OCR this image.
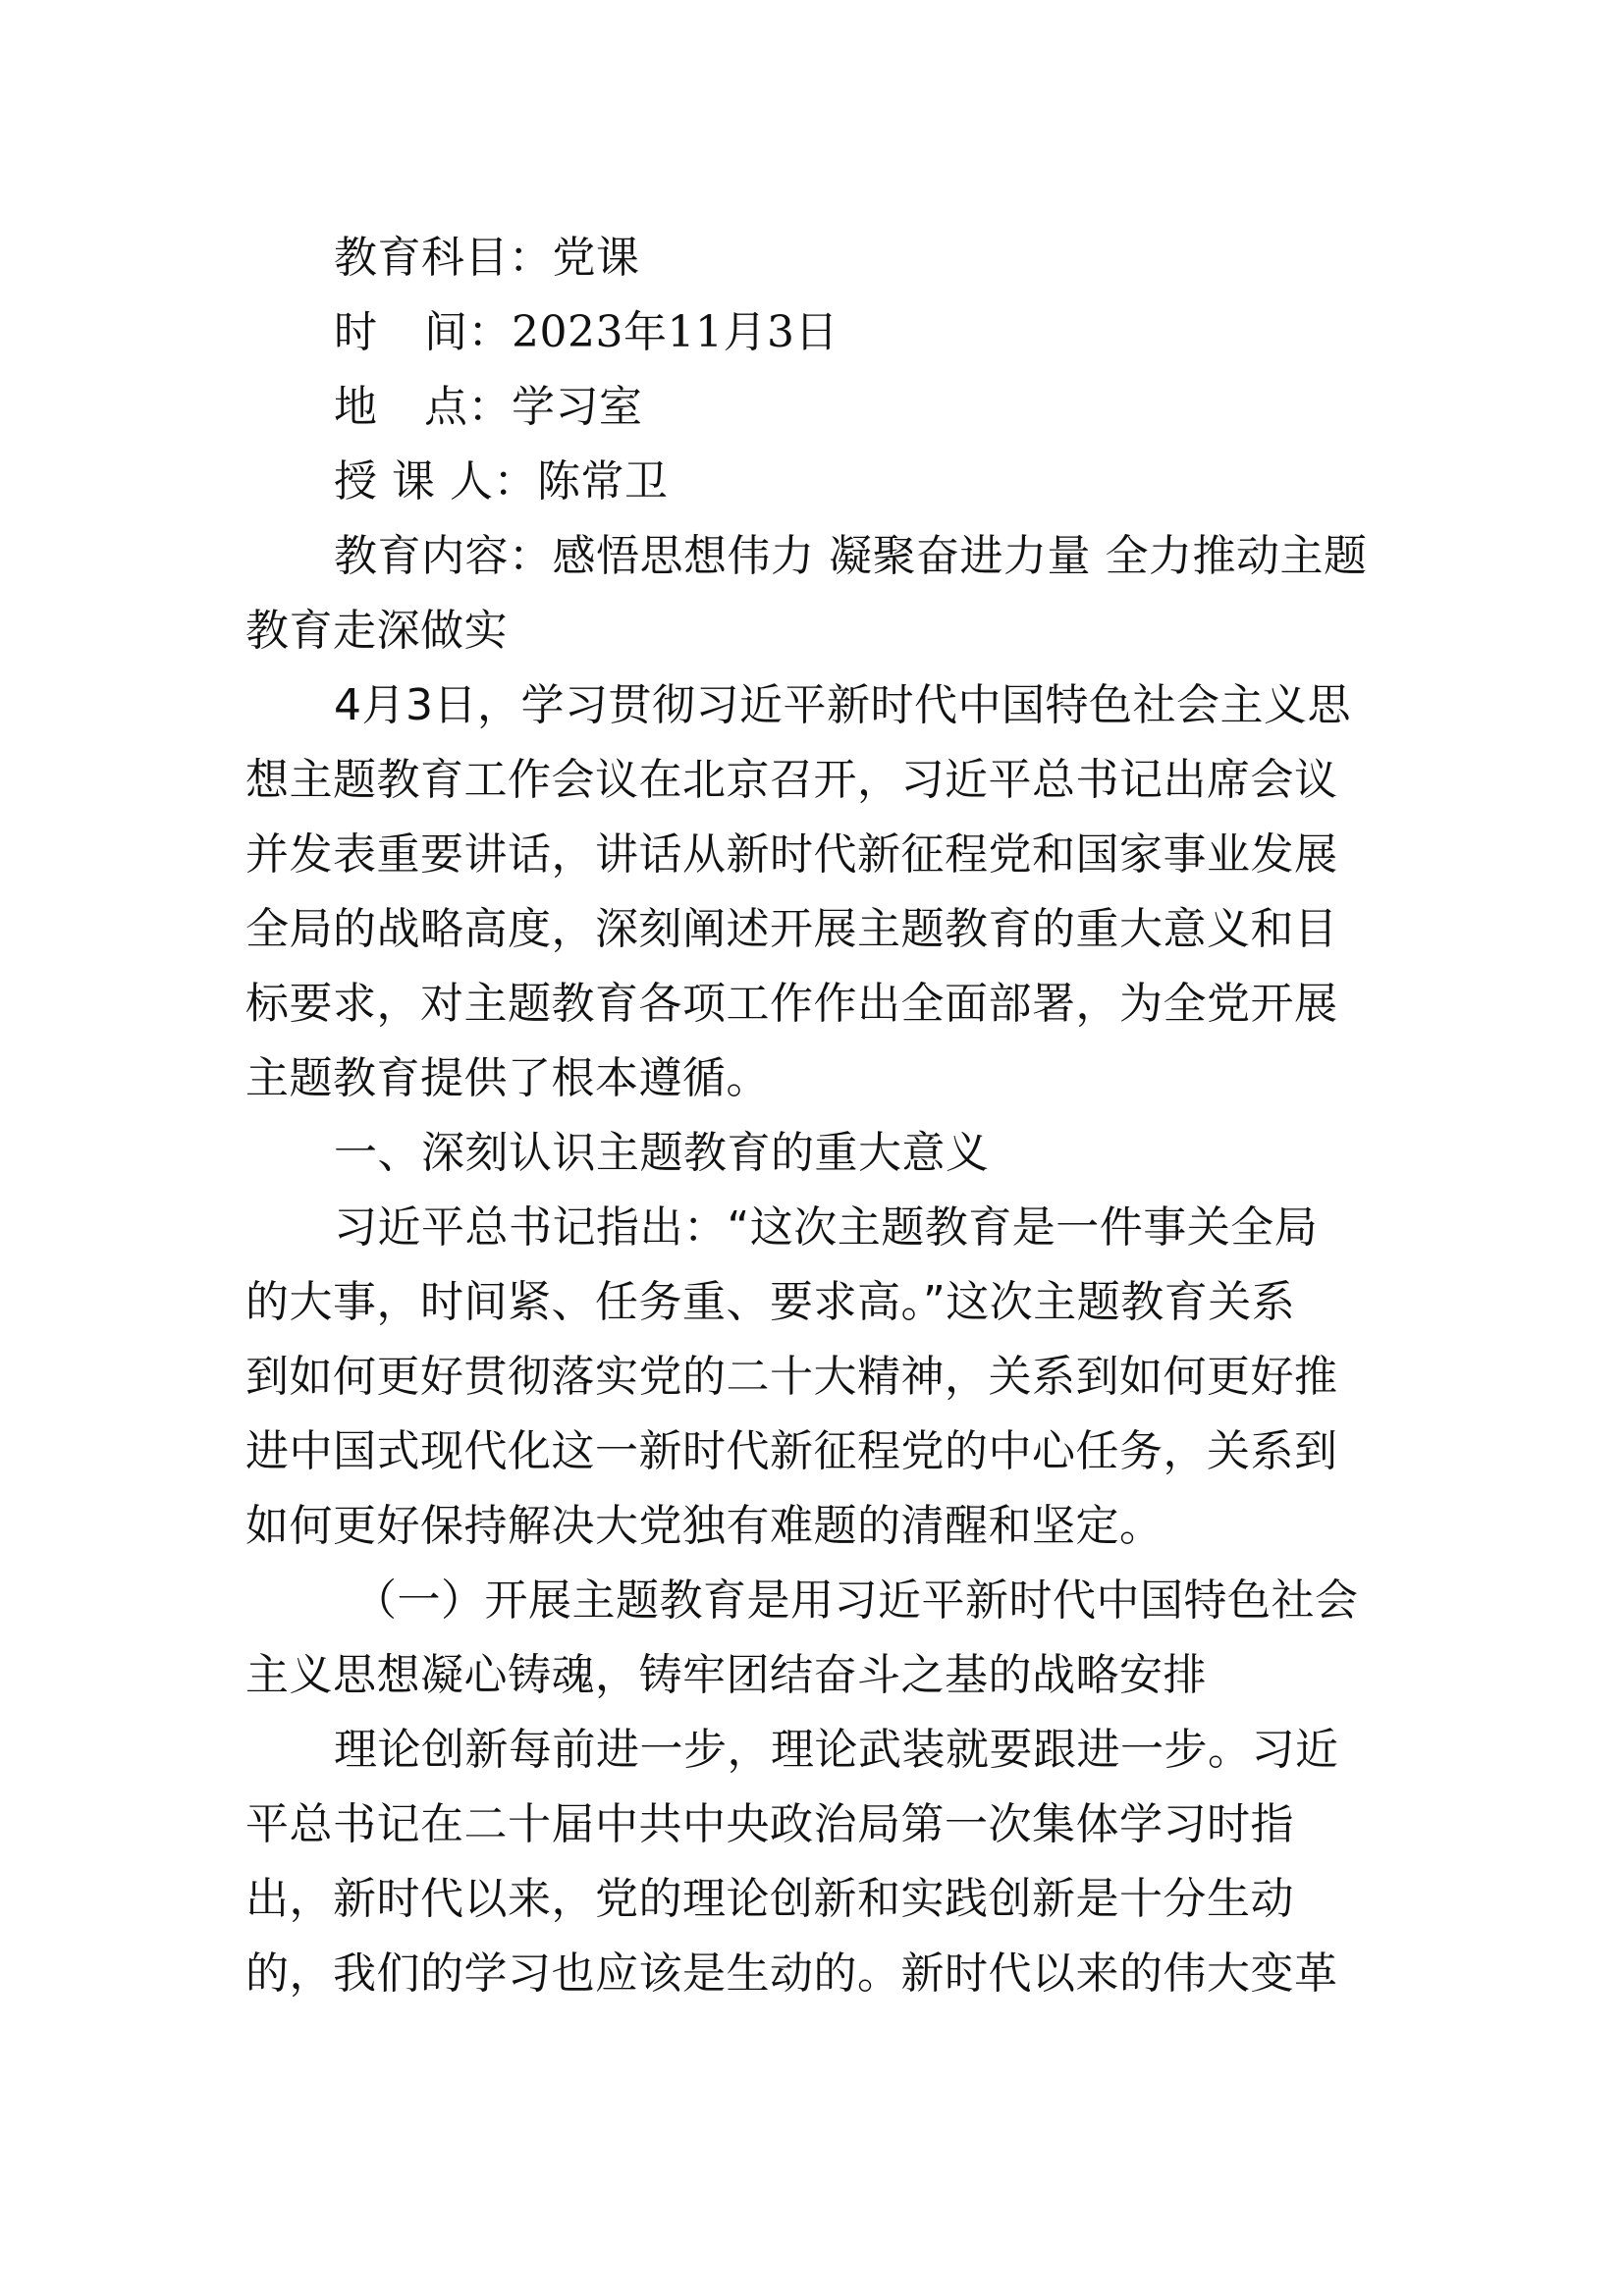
教育科目：党课
时间：2023年11月3日
地点：学习室
授 课 人：陈常卫
教育内容：感悟思想伟力 凝聚奋进力量 全力推动主题
教育走深做实
4月3日，学习贯彻习近平新时代中国特色社会主义思
想主题教育工作会议在北京召开，习近平总书记出席会议
并发表重要讲话，讲话从新时代新征程党和国家事业发展
全局的战略高度，深刻阐述开展主题教育的重大意义和目
标要求，对主题教育各项工作作出全面部署，为全党开展
主题教育提供了根本遵循。
一、深刻认识主题教育的重大意义
习近平总书记指出：“这次主题教育是一件事关全局
的大事，时间紧、任务重、要求高。”这次主题教育关系
到如何更好贯彻落实党的二十大精神，关系到如何更好推
进中国式现代化这一新时代新征程党的中心任务，关系到
如何更好保持解决大党独有难题的清醒和坚定。
（一）开展主题教育是用习近平新时代中国特色社会
主义思想凝心铸魂，铸牢团结奋斗之基的战略安排
理论创新每前进一步，理论武装就要跟进一步。习近
平总书记在二十届中共中央政治局第一次集体学习时指
出，新时代以来，党的理论创新和实践创新是十分生动
的，我们的学习也应该是生动的。新时代以来的伟大变革
